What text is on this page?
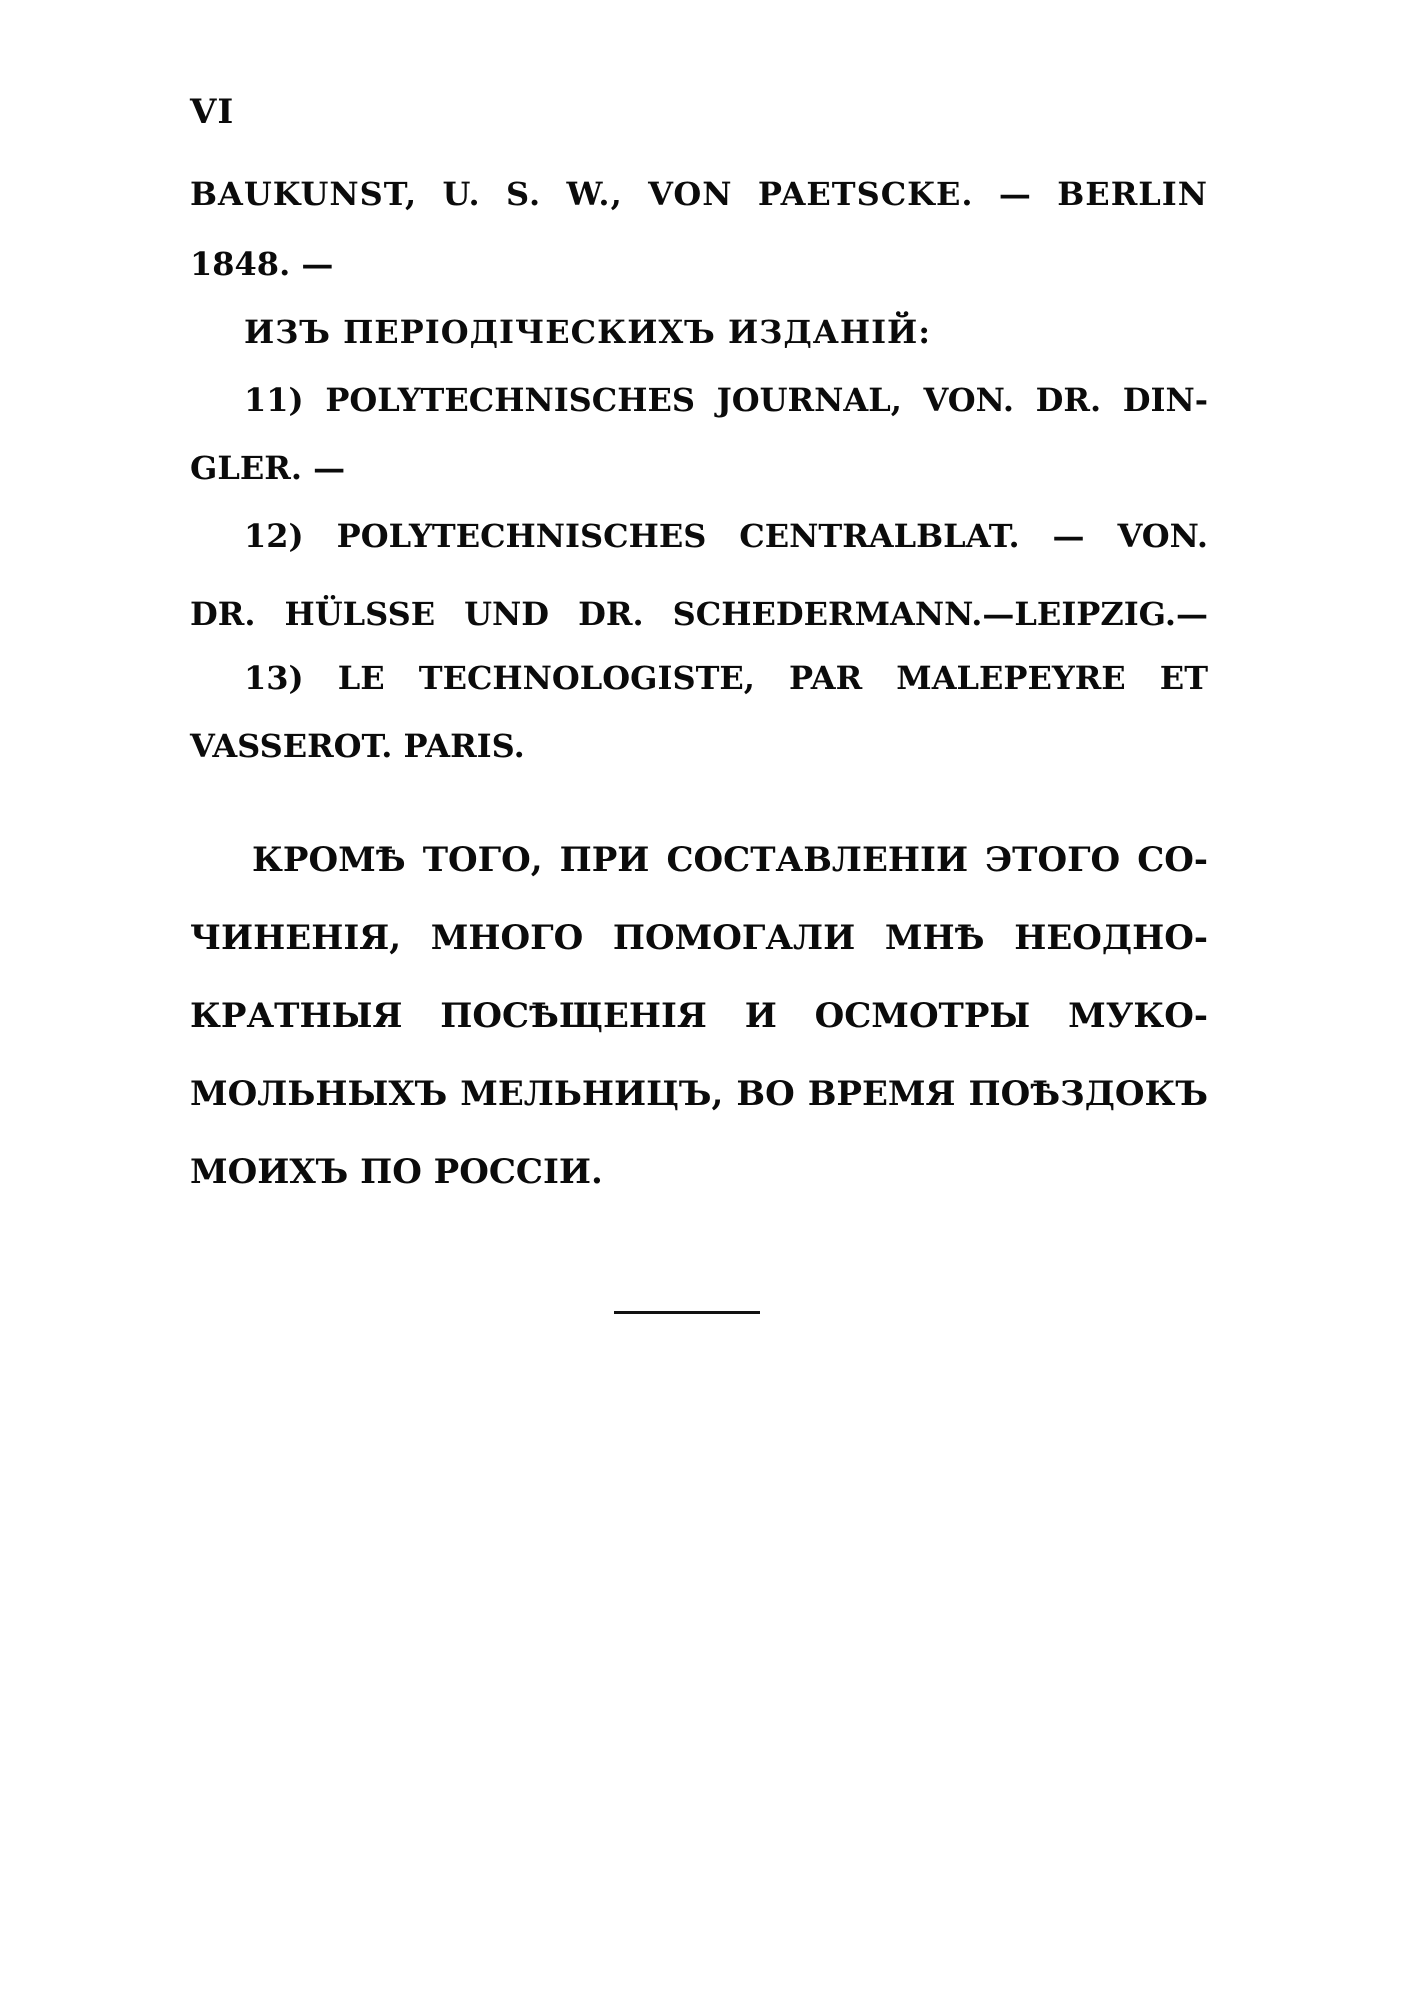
VI
BAUKUNST, U. S. W., VON PAETSCKE. — BERLIN
1848. —
ИЗЪ ПЕРІОДІЧЕСКИХЪ ИЗДАНІЙ:
11) POLYTECHNISCHES JOURNAL, VON. DR. DIN-
GLER. —
12) POLYTECHNISCHES CENTRALBLAT. — VON.
DR. HÜLSSE UND DR. SCHEDERMANN.—LEIPZIG.—
13) LE TECHNOLOGISTE, PAR MALEPEYRE ET
VASSEROT. PARIS.
КРОМѢ ТОГО, ПРИ СОСТАВЛЕНІИ ЭТОГО СО-
ЧИНЕНІЯ, МНОГО ПОМОГАЛИ МНѢ НЕОДНО-
КРАТНЫЯ ПОСѢЩЕНІЯ И ОСМОТРЫ МУКО-
МОЛЬНЫХЪ МЕЛЬНИЦЪ, ВО ВРЕМЯ ПОѢЗДОКЪ
МОИХЪ ПО РОССІИ.
